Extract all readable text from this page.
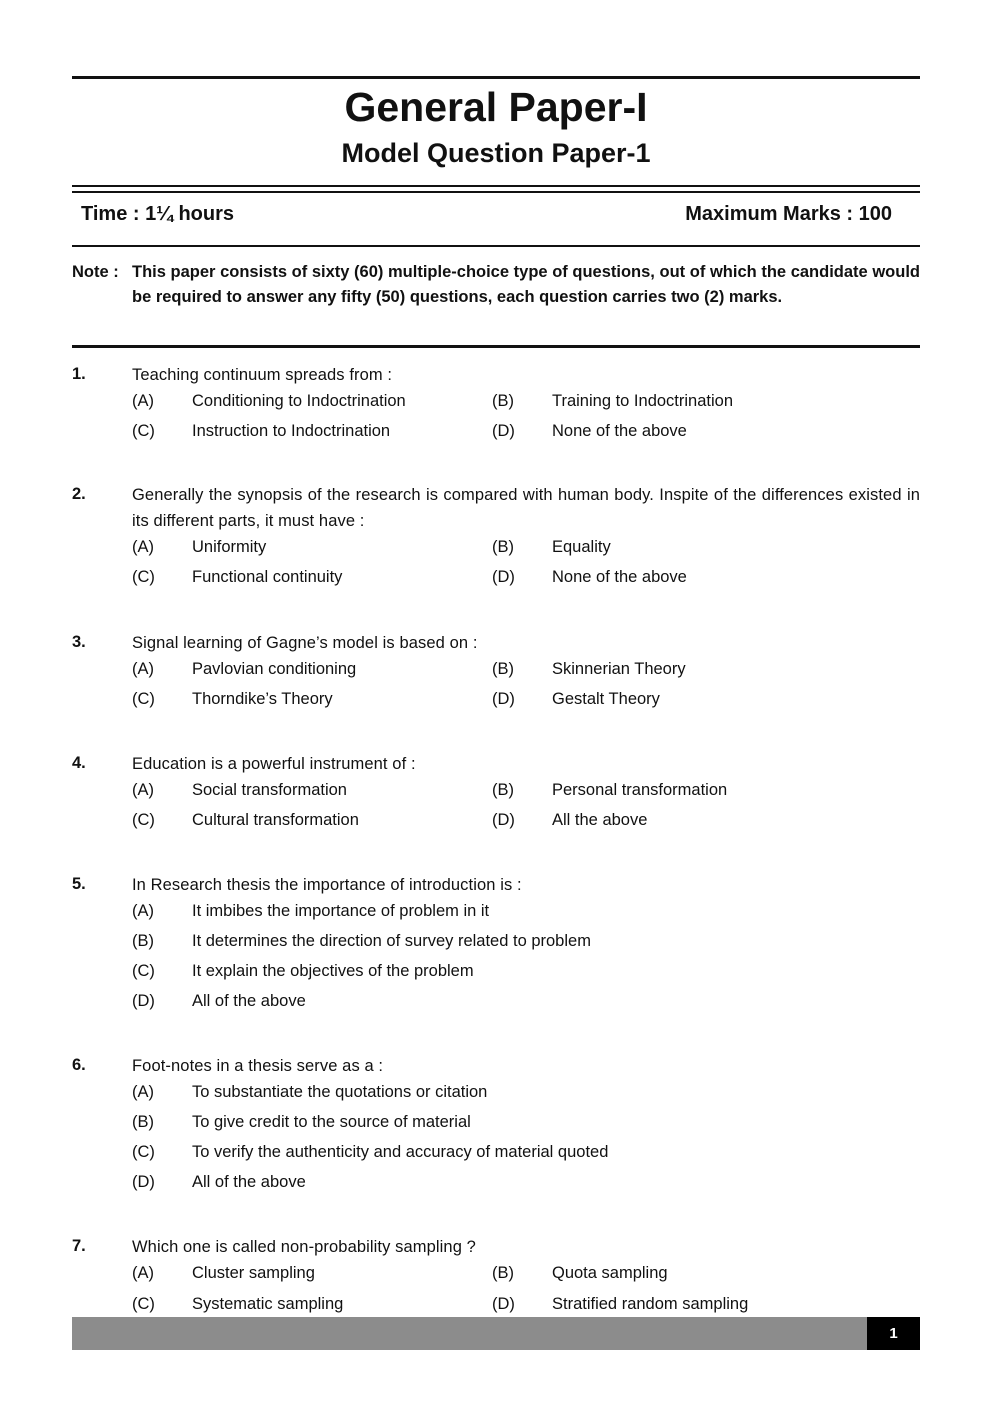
General Paper-I
Model Question Paper-1
Time : 1¼ hours	Maximum Marks : 100
Note : This paper consists of sixty (60) multiple-choice type of questions, out of which the candidate would be required to answer any fifty (50) questions, each question carries two (2) marks.
1.	Teaching continuum spreads from :
(A) Conditioning to Indoctrination	(B) Training to Indoctrination
(C) Instruction to Indoctrination	(D) None of the above
2.	Generally the synopsis of the research is compared with human body. Inspite of the differences existed in its different parts, it must have :
(A) Uniformity	(B) Equality
(C) Functional continuity	(D) None of the above
3.	Signal learning of Gagne’s model is based on :
(A) Pavlovian conditioning	(B) Skinnerian Theory
(C) Thorndike’s Theory	(D) Gestalt Theory
4.	Education is a powerful instrument of :
(A) Social transformation	(B) Personal transformation
(C) Cultural transformation	(D) All the above
5.	In Research thesis the importance of introduction is :
(A) It imbibes the importance of problem in it
(B) It determines the direction of survey related to problem
(C) It explain the objectives of the problem
(D) All of the above
6.	Foot-notes in a thesis serve as a :
(A) To substantiate the quotations or citation
(B) To give credit to the source of material
(C) To verify the authenticity and accuracy of material quoted
(D) All of the above
7.	Which one is called non-probability sampling ?
(A) Cluster sampling	(B) Quota sampling
(C) Systematic sampling	(D) Stratified random sampling
1
